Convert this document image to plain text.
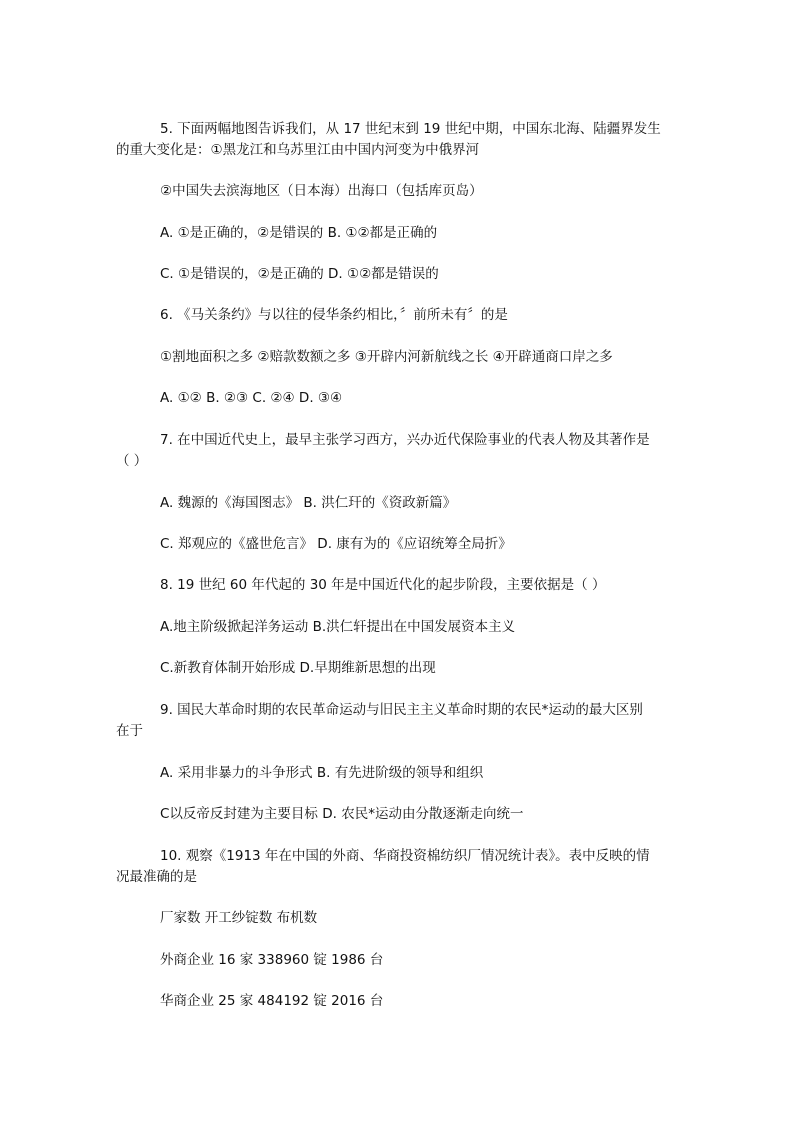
5. 下面两幅地图告诉我们，从 17 世纪末到 19 世纪中期，中国东北海、陆疆界发生
的重大变化是：①黑龙江和乌苏里江由中国内河变为中俄界河
②中国失去滨海地区（日本海）出海口（包括库页岛）
A. ①是正确的，②是错误的 B. ①②都是正确的
C. ①是错误的，②是正确的 D. ①②都是错误的
6. 《马关条约》与以往的侵华条约相比，〞前所未有〞的是
①割地面积之多 ②赔款数额之多 ③开辟内河新航线之长 ④开辟通商口岸之多
A. ①② B. ②③ C. ②④ D. ③④
7. 在中国近代史上，最早主张学习西方，兴办近代保险事业的代表人物及其著作是
（ ）
A. 魏源的《海国图志》 B. 洪仁玕的《资政新篇》
C. 郑观应的《盛世危言》 D. 康有为的《应诏统筹全局折》
8. 19 世纪 60 年代起的 30 年是中国近代化的起步阶段，主要依据是（ ）
A.地主阶级掀起洋务运动 B.洪仁轩提出在中国发展资本主义
C.新教育体制开始形成 D.早期维新思想的出现
9. 国民大革命时期的农民革命运动与旧民主主义革命时期的农民*运动的最大区别
在于
A. 采用非暴力的斗争形式 B. 有先进阶级的领导和组织
C以反帝反封建为主要目标 D. 农民*运动由分散逐渐走向统一
10. 观察《1913 年在中国的外商、华商投资棉纺织厂情况统计表》。表中反映的情
况最准确的是
厂家数 开工纱锭数 布机数
外商企业 16 家 338960 锭 1986 台
华商企业 25 家 484192 锭 2016 台
